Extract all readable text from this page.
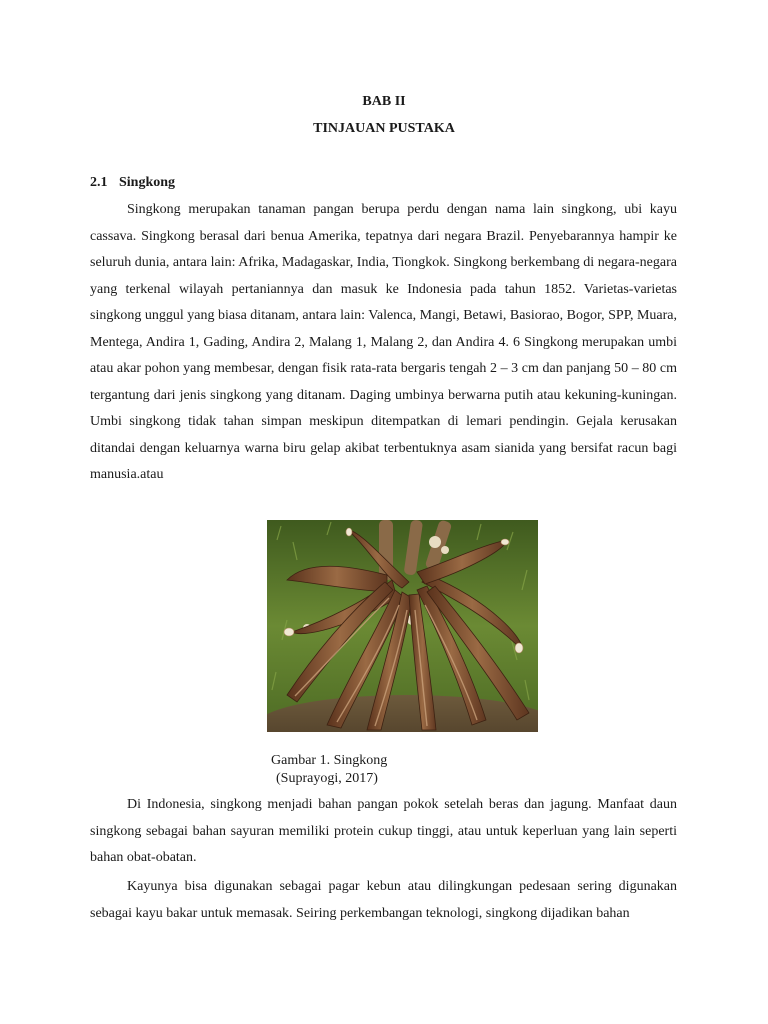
BAB II
TINJAUAN PUSTAKA
2.1 Singkong

Singkong merupakan tanaman pangan berupa perdu dengan nama lain singkong, ubi kayu cassava. Singkong berasal dari benua Amerika, tepatnya dari negara Brazil. Penyebarannya hampir ke seluruh dunia, antara lain: Afrika, Madagaskar, India, Tiongkok. Singkong berkembang di negara-negara yang terkenal wilayah pertaniannya dan masuk ke Indonesia pada tahun 1852. Varietas-varietas singkong unggul yang biasa ditanam, antara lain: Valenca, Mangi, Betawi, Basiorao, Bogor, SPP, Muara, Mentega, Andira 1, Gading, Andira 2, Malang 1, Malang 2, dan Andira 4. 6 Singkong merupakan umbi atau akar pohon yang membesar, dengan fisik rata-rata bergaris tengah 2 – 3 cm dan panjang 50 – 80 cm tergantung dari jenis singkong yang ditanam. Daging umbinya berwarna putih atau kekuning-kuningan. Umbi singkong tidak tahan simpan meskipun ditempatkan di lemari pendingin. Gejala kerusakan ditandai dengan keluarnya warna biru gelap akibat terbentuknya asam sianida yang bersifat racun bagi manusia.atau

Gambar 1. Singkong
(Suprayogi, 2017)

Di Indonesia, singkong menjadi bahan pangan pokok setelah beras dan jagung. Manfaat daun singkong sebagai bahan sayuran memiliki protein cukup tinggi, atau untuk keperluan yang lain seperti bahan obat-obatan.

Kayunya bisa digunakan sebagai pagar kebun atau dilingkungan pedesaan sering digunakan sebagai kayu bakar untuk memasak. Seiring perkembangan teknologi, singkong dijadikan bahan
